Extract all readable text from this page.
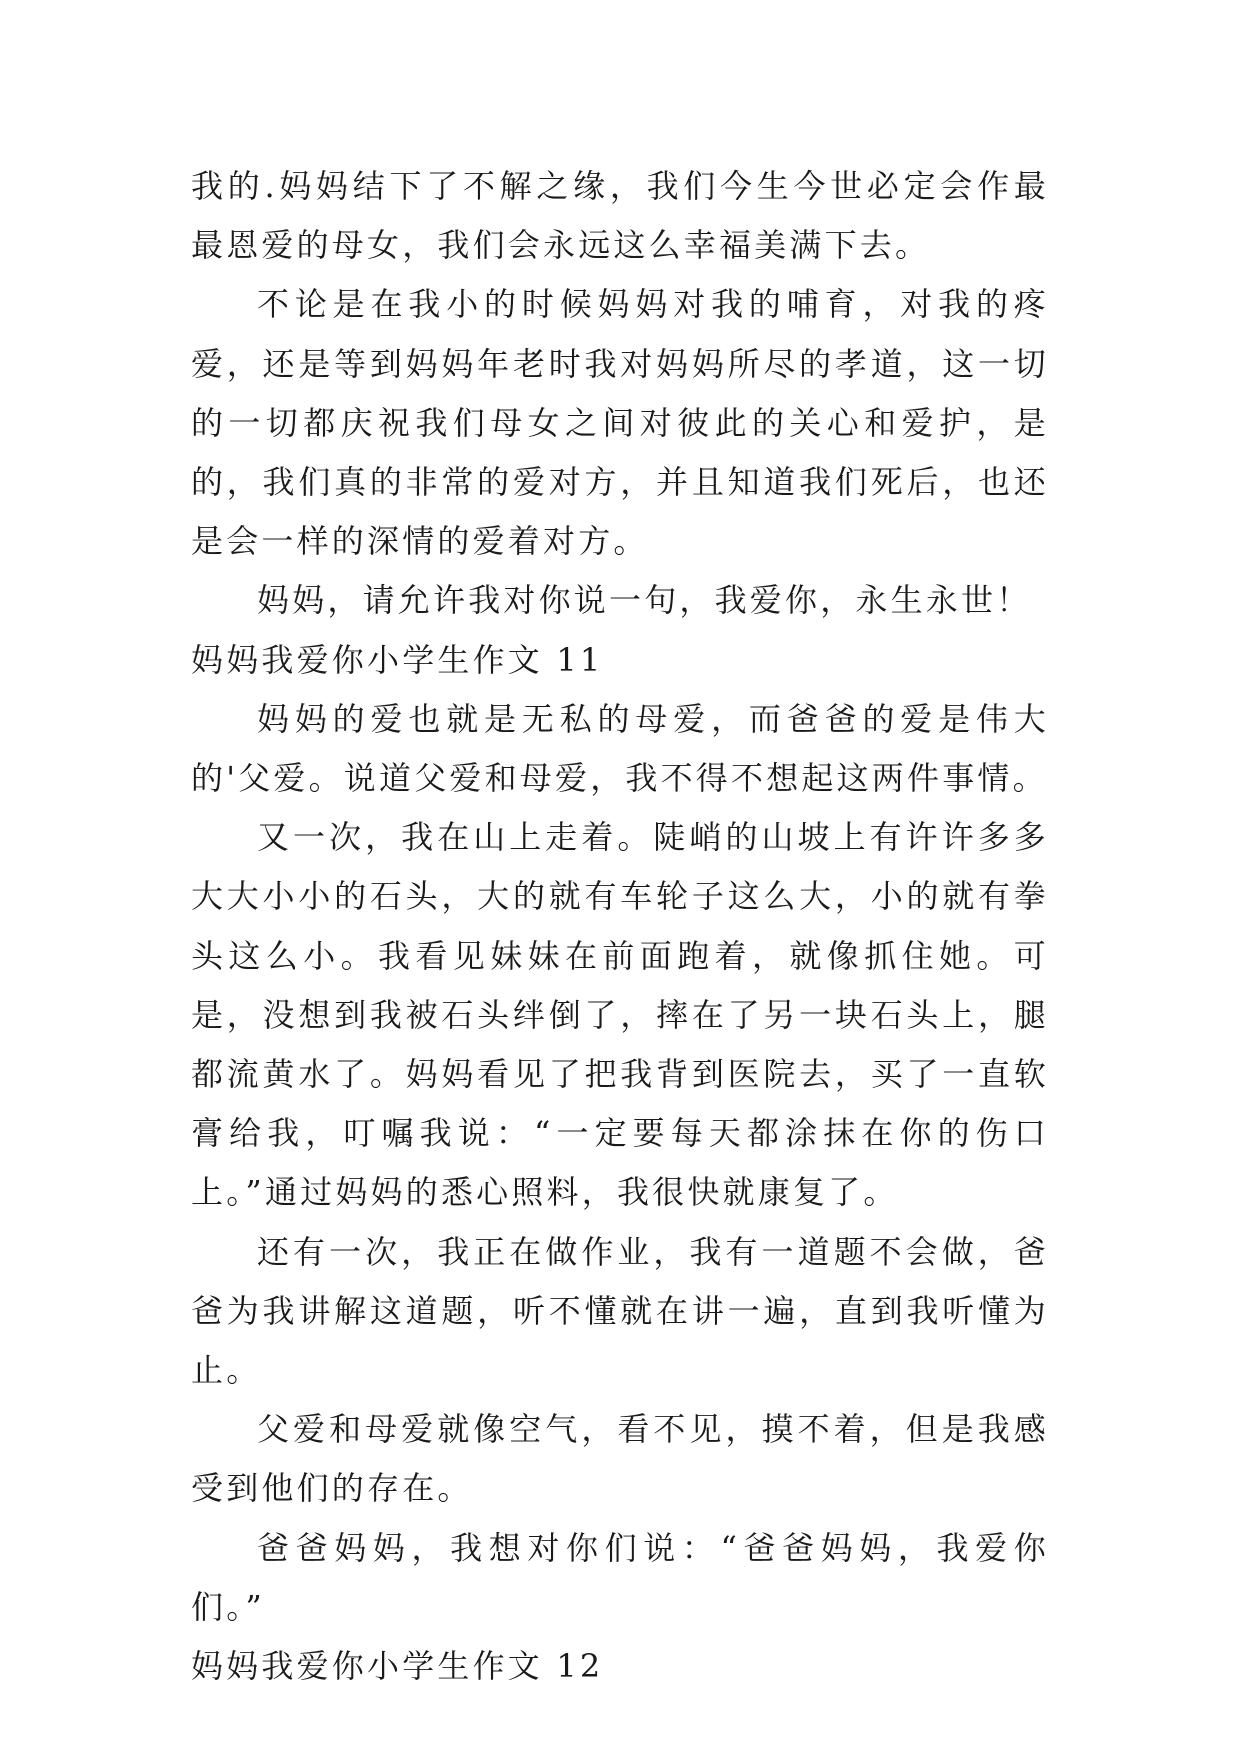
我的.妈妈结下了不解之缘，我们今生今世必定会作最最恩爱的母女，我们会永远这么幸福美满下去。

不论是在我小的时候妈妈对我的哺育，对我的疼爱，还是等到妈妈年老时我对妈妈所尽的孝道，这一切的一切都庆祝我们母女之间对彼此的关心和爱护，是的，我们真的非常的爱对方，并且知道我们死后，也还是会一样的深情的爱着对方。

妈妈，请允许我对你说一句，我爱你，永生永世！

妈妈我爱你小学生作文 11

妈妈的爱也就是无私的母爱，而爸爸的爱是伟大的'父爱。说道父爱和母爱，我不得不想起这两件事情。

又一次，我在山上走着。陡峭的山坡上有许许多多大大小小的石头，大的就有车轮子这么大，小的就有拳头这么小。我看见妹妹在前面跑着，就像抓住她。可是，没想到我被石头绊倒了，摔在了另一块石头上，腿都流黄水了。妈妈看见了把我背到医院去，买了一直软膏给我，叮嘱我说：“一定要每天都涂抹在你的伤口上。”通过妈妈的悉心照料，我很快就康复了。

还有一次，我正在做作业，我有一道题不会做，爸爸为我讲解这道题，听不懂就在讲一遍，直到我听懂为止。

父爱和母爱就像空气，看不见，摸不着，但是我感受到他们的存在。

爸爸妈妈，我想对你们说：“爸爸妈妈，我爱你们。”

妈妈我爱你小学生作文 12
